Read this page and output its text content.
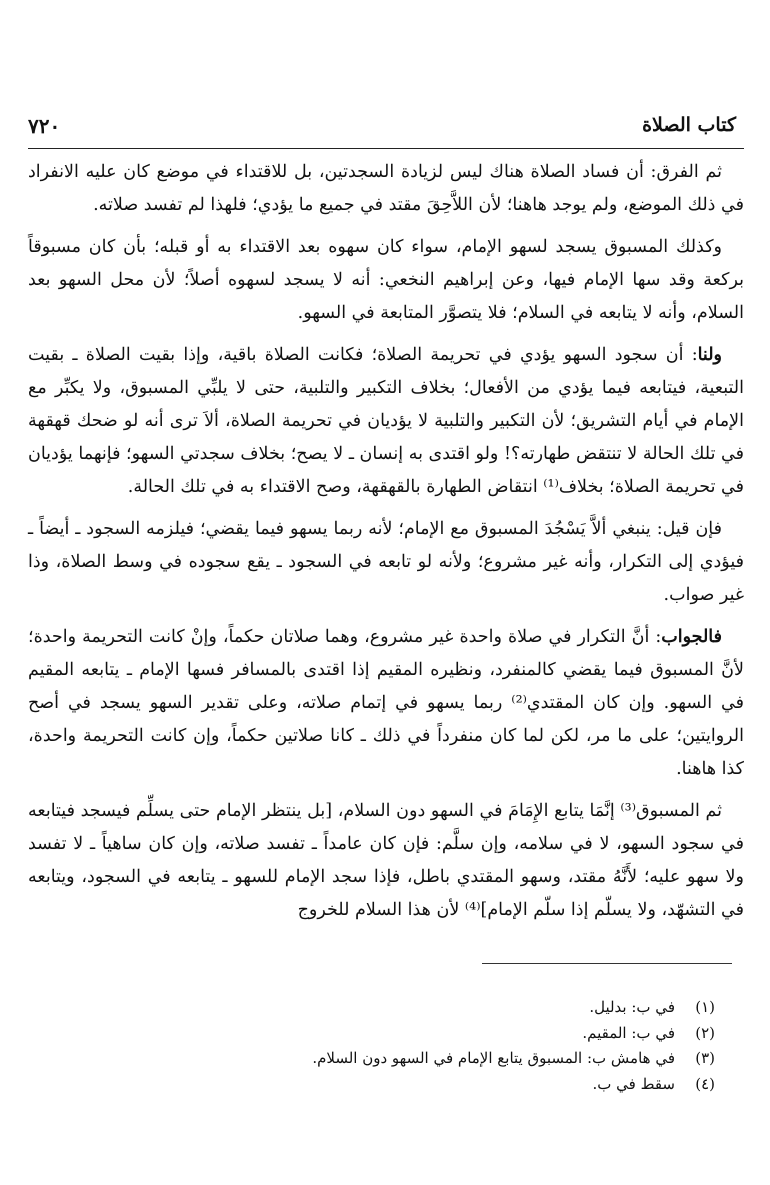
كتاب الصلاة
٧٢٠

ثم الفرق: أن فساد الصلاة هناك ليس لزيادة السجدتين، بل للاقتداء في موضع كان عليه الانفراد في ذلك الموضع، ولم يوجد هاهنا؛ لأن اللاَّحِقَ مقتد في جميع ما يؤدي؛ فلهذا لم تفسد صلاته.

وكذلك المسبوق يسجد لسهو الإمام، سواء كان سهوه بعد الاقتداء به أو قبله؛ بأن كان مسبوقاً بركعة وقد سها الإمام فيها، وعن إبراهيم النخعي: أنه لا يسجد لسهوه أصلاً؛ لأن محل السهو بعد السلام، وأنه لا يتابعه في السلام؛ فلا يتصوَّر المتابعة في السهو.

ولنا: أن سجود السهو يؤدي في تحريمة الصلاة؛ فكانت الصلاة باقية، وإذا بقيت الصلاة ـ بقيت التبعية، فيتابعه فيما يؤدي من الأفعال؛ بخلاف التكبير والتلبية، حتى لا يلبِّي المسبوق، ولا يكبِّر مع الإمام في أيام التشريق؛ لأن التكبير والتلبية لا يؤديان في تحريمة الصلاة، ألاَ ترى أنه لو ضحك قهقهة في تلك الحالة لا تنتقض طهارته؟! ولو اقتدى به إنسان ـ لا يصح؛ بخلاف سجدتي السهو؛ فإنهما يؤديان في تحريمة الصلاة؛ بخلاف⁽¹⁾ انتقاض الطهارة بالقهقهة، وصح الاقتداء به في تلك الحالة.

فإن قيل: ينبغي ألاَّ يَسْجُدَ المسبوق مع الإمام؛ لأنه ربما يسهو فيما يقضي؛ فيلزمه السجود ـ أيضاً ـ فيؤدي إلى التكرار، وأنه غير مشروع؛ ولأنه لو تابعه في السجود ـ يقع سجوده في وسط الصلاة، وذا غير صواب.

فالجواب: أنَّ التكرار في صلاة واحدة غير مشروع، وهما صلاتان حكماً، وإنْ كانت التحريمة واحدة؛ لأنَّ المسبوق فيما يقضي كالمنفرد، ونظيره المقيم إذا اقتدى بالمسافر فسها الإمام ـ يتابعه المقيم في السهو. وإن كان المقتدي⁽²⁾ ربما يسهو في إتمام صلاته، وعلى تقدير السهو يسجد في أصح الروايتين؛ على ما مر، لكن لما كان منفرداً في ذلك ـ كانا صلاتين حكماً، وإن كانت التحريمة واحدة، كذا هاهنا.

ثم المسبوق⁽³⁾ إنَّمَا يتابع الإِمَامَ في السهو دون السلام، [بل ينتظر الإمام حتى يسلِّم فيسجد فيتابعه في سجود السهو، لا في سلامه، وإن سلَّم: فإن كان عامداً ـ تفسد صلاته، وإن كان ساهياً ـ لا تفسد ولا سهو عليه؛ لأَنَّهُ مقتد، وسهو المقتدي باطل، فإذا سجد الإمام للسهو ـ يتابعه في السجود، ويتابعه في التشهّد، ولا يسلّم إذا سلّم الإمام]⁽⁴⁾ لأن هذا السلام للخروج

(١)في ب: بدليل.
(٢)في ب: المقيم.
(٣)في هامش ب: المسبوق يتابع الإمام في السهو دون السلام.
(٤)سقط في ب.
